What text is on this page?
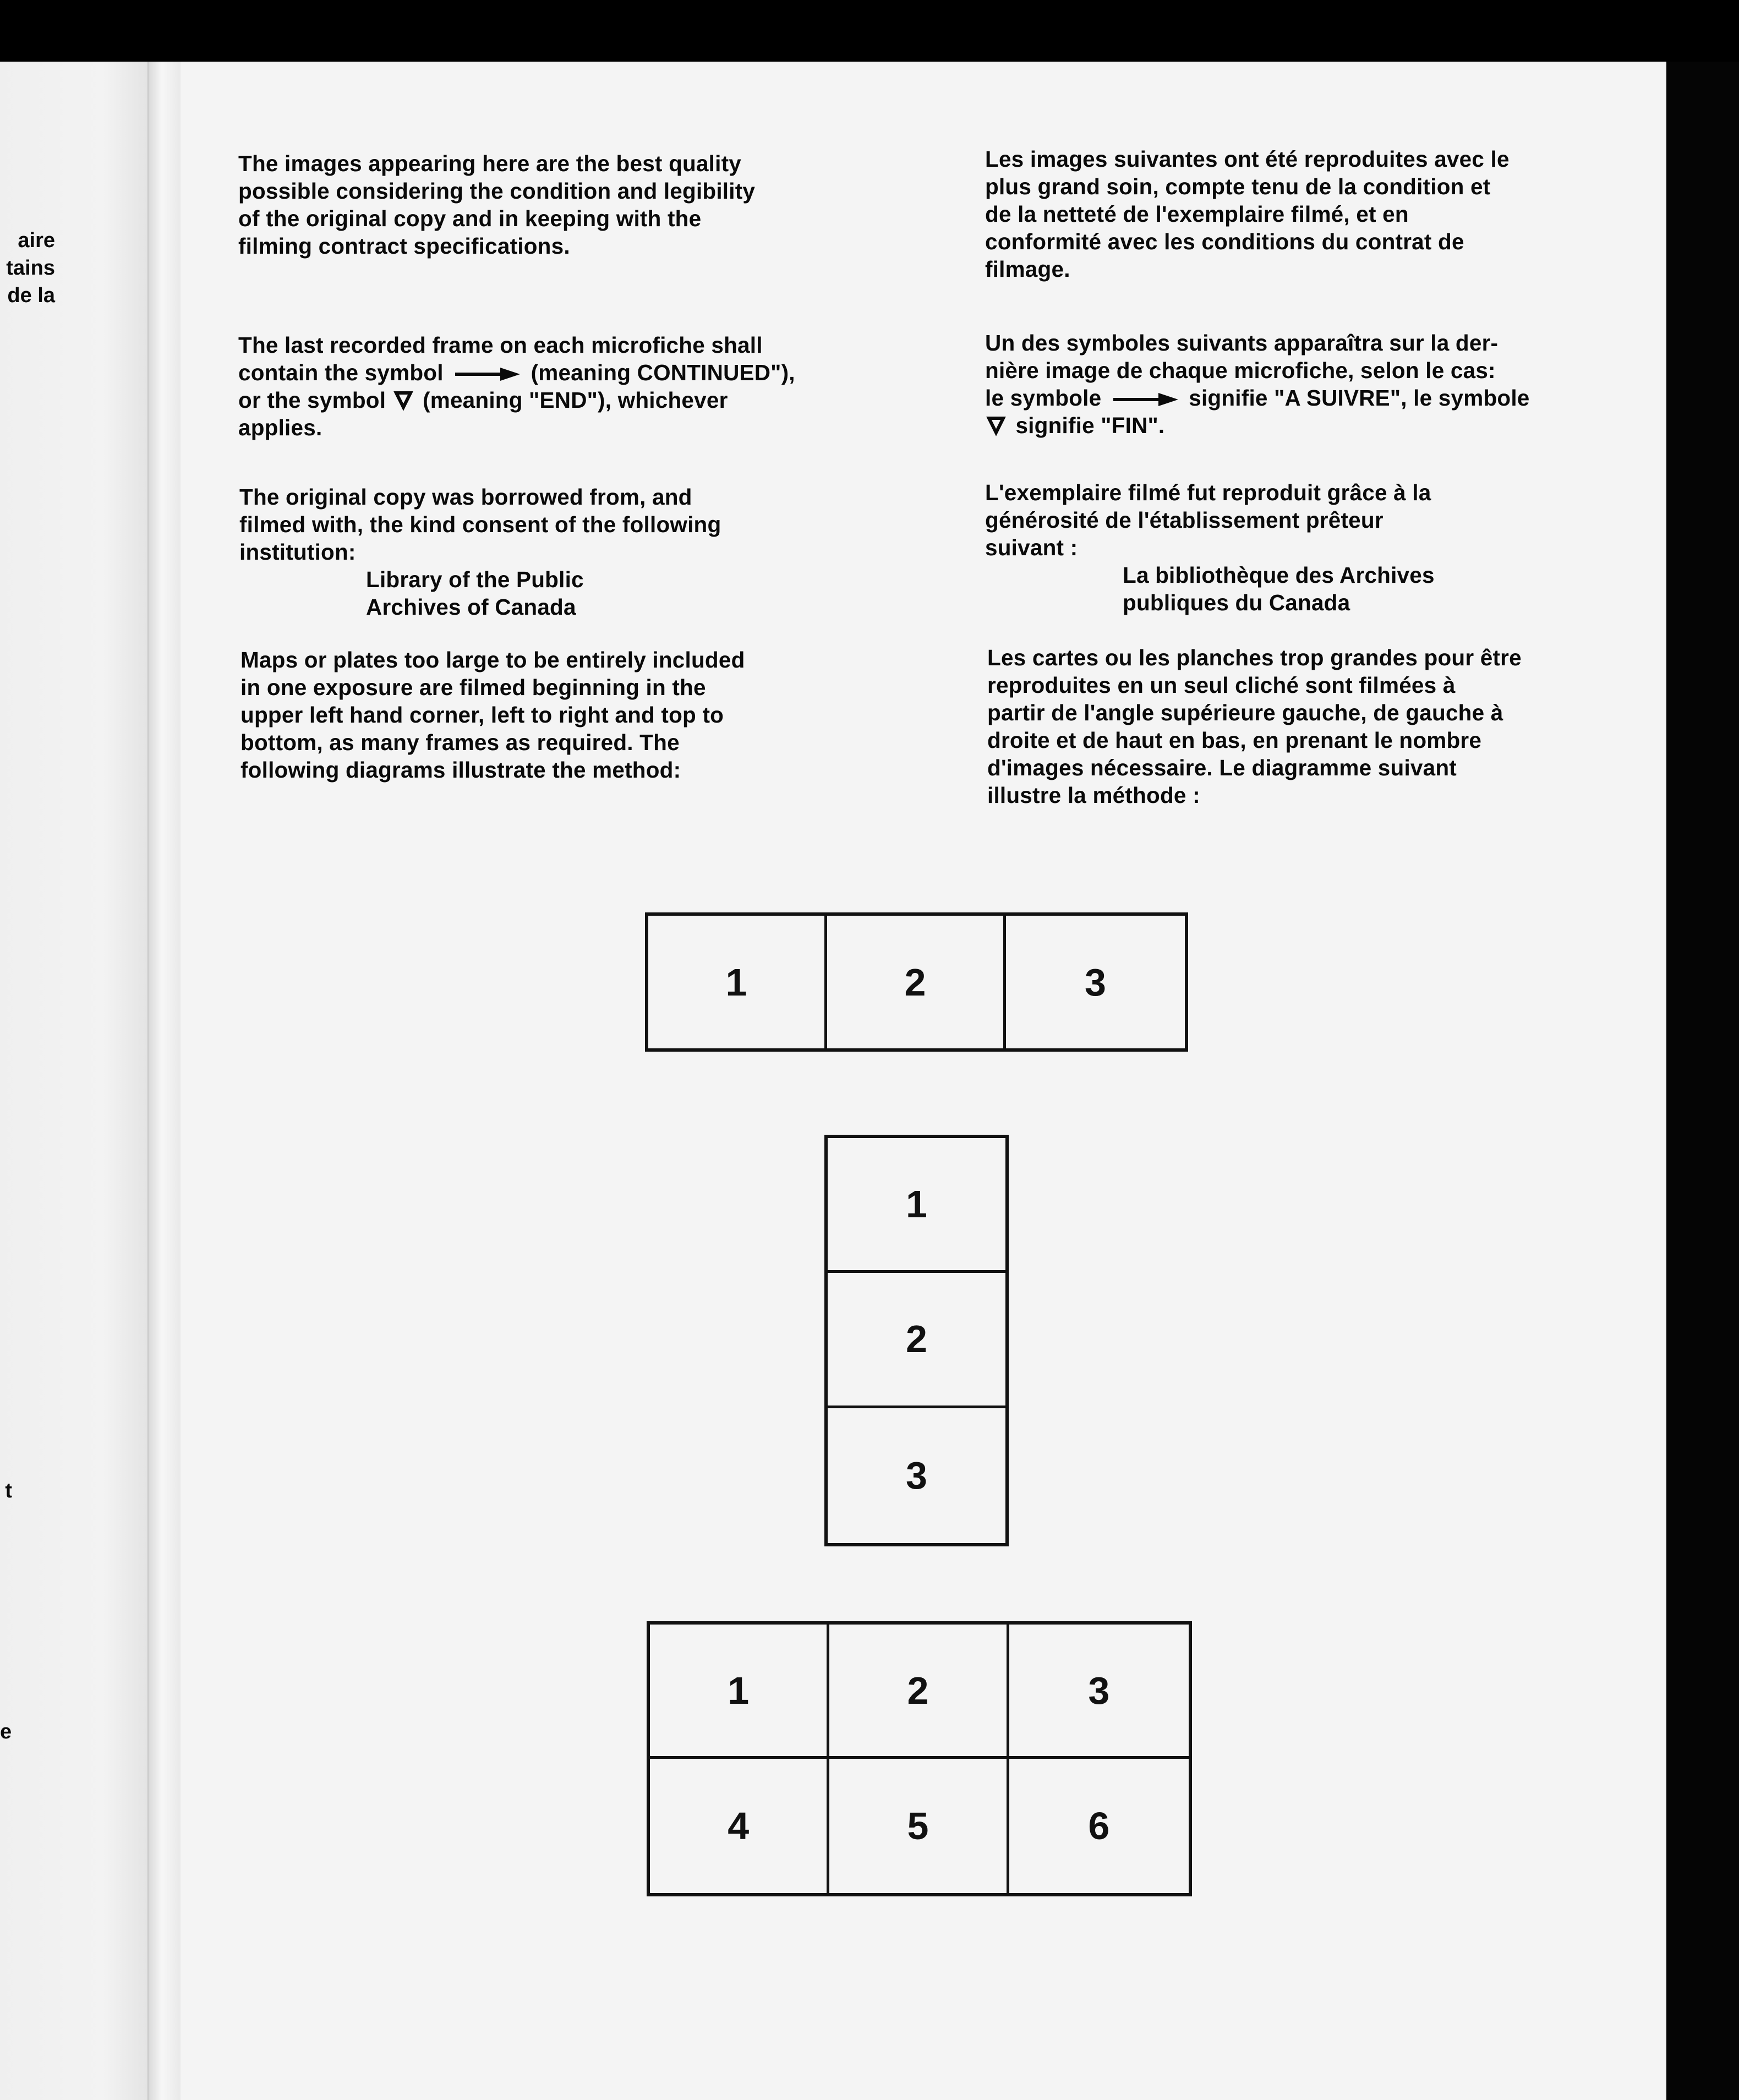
aire
tains
de la
t
e
The images appearing here are the best quality
possible considering the condition and legibility
of the original copy and in keeping with the
filming contract specifications.
The last recorded frame on each microfiche shall
contain the symbol	(meaning CONTINUED"),
or the symbol (meaning "END"), whichever
applies.
The original copy was borrowed from, and
filmed with, the kind consent of the following
institution:
Library of the Public
Archives of Canada
Maps or plates too large to be entirely included
in one exposure are filmed beginning in the
upper left hand corner, left to right and top to
bottom, as many frames as required. The
following diagrams illustrate the method:
Les images suivantes ont été reproduites avec le
plus grand soin, compte tenu de la condition et
de la netteté de l'exemplaire filmé, et en
conformité avec les conditions du contrat de
filmage.
Un des symboles suivants apparaîtra sur la der-
nière image de chaque microfiche, selon le cas:
le symbole	signifie "A SUIVRE", le symbole
signifie "FIN".
L'exemplaire filmé fut reproduit grâce à la
générosité de l'établissement prêteur
suivant :
La bibliothèque des Archives
publiques du Canada
Les cartes ou les planches trop grandes pour être
reproduites en un seul cliché sont filmées à
partir de l'angle supérieure gauche, de gauche à
droite et de haut en bas, en prenant le nombre
d'images nécessaire. Le diagramme suivant
illustre la méthode :
1	2	3
1
2
3
1	2	3
4	5	6
